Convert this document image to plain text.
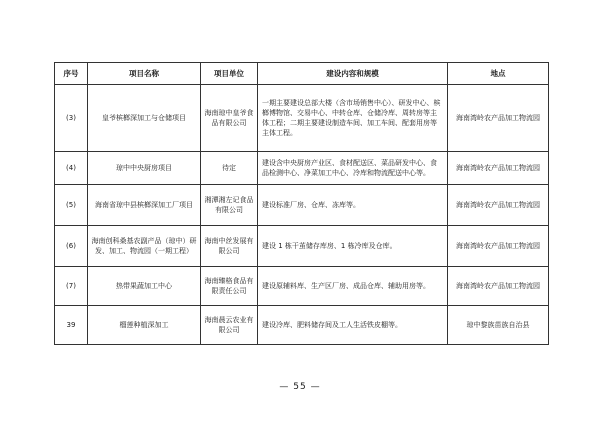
序号	项目名称	项目单位	建设内容和规模	地点
(3)	皇爷槟榔深加工与仓储项目	海南琼中皇爷食品有限公司	一期主要建设总部大楼（含市场销售中心）、研发中心、槟榔博物馆、交易中心、中转仓库、仓储冷库、周转房等主体工程；二期主要建设制造车间、加工车间、配套用房等主体工程。	海南湾岭农产品加工物流园
(4)	琼中中央厨房项目	待定	建设含中央厨房产业区、食材配送区、菜品研发中心、食品检测中心、净菜加工中心、冷库和物流配送中心等。	海南湾岭农产品加工物流园
(5)	海南省琼中县槟榔深加工厂项目	湘潭湘左记食品有限公司	建设标准厂房、仓库、冻库等。	海南湾岭农产品加工物流园
(6)	海南创科桑基农副产品（琼中）研发、加工、物流园（一期工程）	海南中丝发展有限公司	建设 1 栋干茧储存库房、1 栋冷库及仓库。	海南湾岭农产品加工物流园
(7)	热带果蔬加工中心	海南臻格食品有限责任公司	建设原辅料库、生产区厂房、成品仓库、辅助用房等。	海南湾岭农产品加工物流园
39	榴莲种植深加工	海南晨云农业有限公司	建设冷库、肥料储存间及工人生活铁皮棚等。	琼中黎族苗族自治县
— 55 —
